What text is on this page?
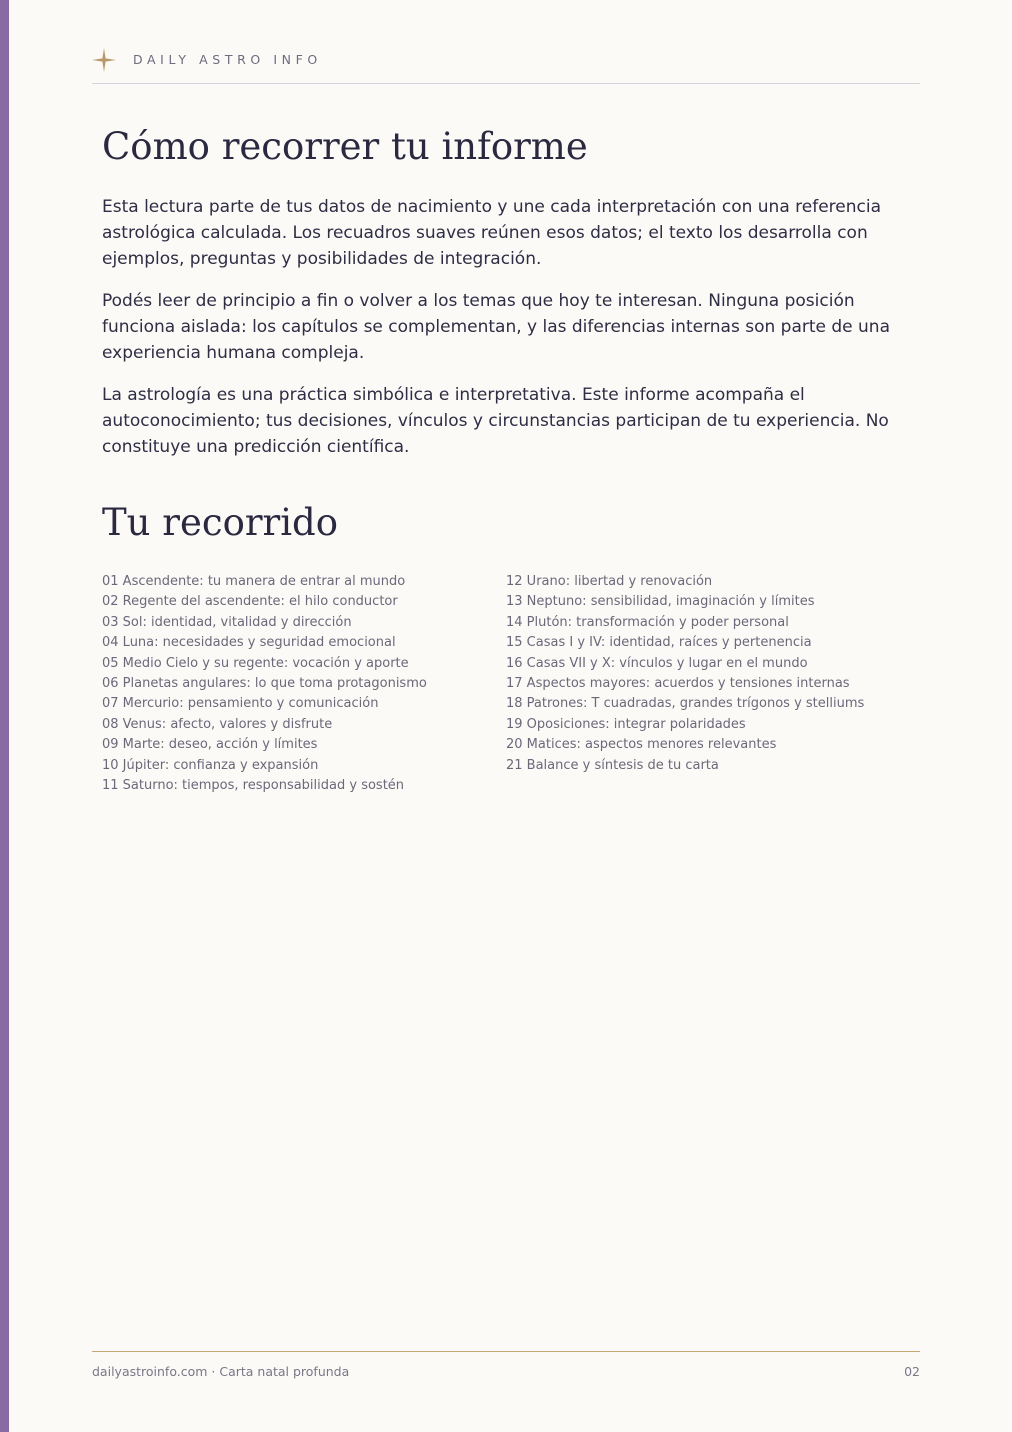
DAILY ASTRO INFO
Cómo recorrer tu informe

Esta lectura parte de tus datos de nacimiento y une cada interpretación con una referencia astrológica calculada. Los recuadros suaves reúnen esos datos; el texto los desarrolla con ejemplos, preguntas y posibilidades de integración.

Podés leer de principio a fin o volver a los temas que hoy te interesan. Ninguna posición funciona aislada: los capítulos se complementan, y las diferencias internas son parte de una experiencia humana compleja.

La astrología es una práctica simbólica e interpretativa. Este informe acompaña el autoconocimiento; tus decisiones, vínculos y circunstancias participan de tu experiencia. No constituye una predicción científica.

Tu recorrido
01 Ascendente: tu manera de entrar al mundo
02 Regente del ascendente: el hilo conductor
03 Sol: identidad, vitalidad y dirección
04 Luna: necesidades y seguridad emocional
05 Medio Cielo y su regente: vocación y aporte
06 Planetas angulares: lo que toma protagonismo
07 Mercurio: pensamiento y comunicación
08 Venus: afecto, valores y disfrute
09 Marte: deseo, acción y límites
10 Júpiter: confianza y expansión
11 Saturno: tiempos, responsabilidad y sostén
12 Urano: libertad y renovación
13 Neptuno: sensibilidad, imaginación y límites
14 Plutón: transformación y poder personal
15 Casas I y IV: identidad, raíces y pertenencia
16 Casas VII y X: vínculos y lugar en el mundo
17 Aspectos mayores: acuerdos y tensiones internas
18 Patrones: T cuadradas, grandes trígonos y stelliums
19 Oposiciones: integrar polaridades
20 Matices: aspectos menores relevantes
21 Balance y síntesis de tu carta
dailyastroinfo.com · Carta natal profunda	02
